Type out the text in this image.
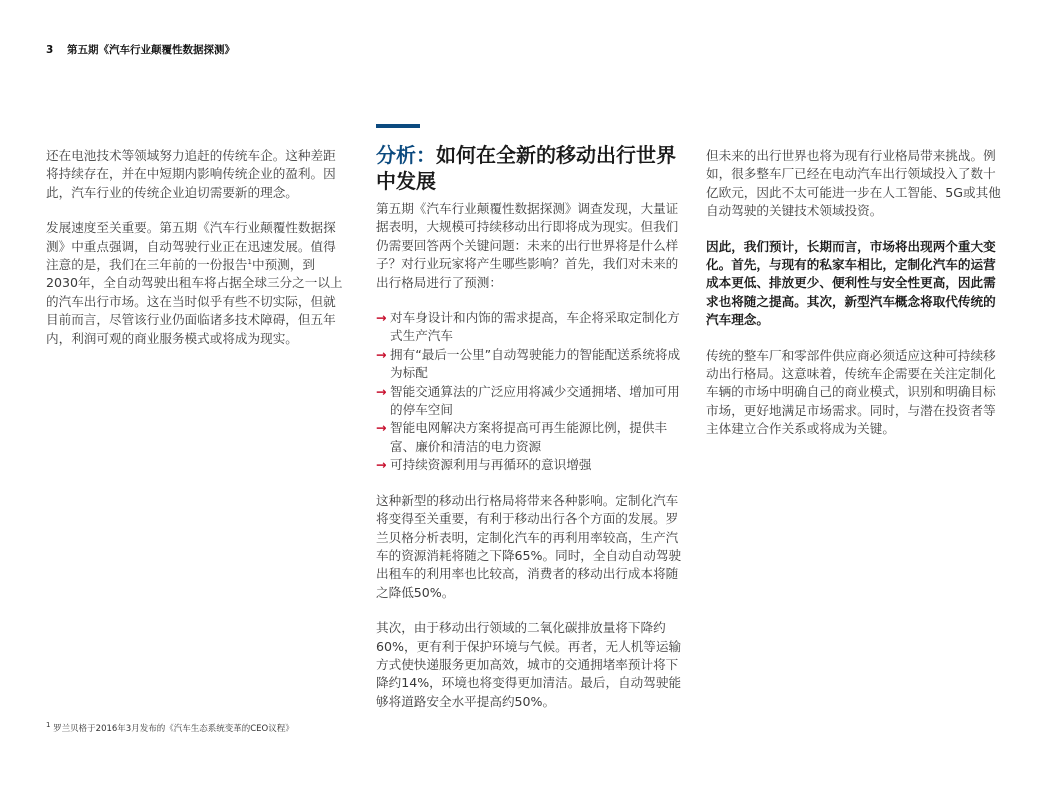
3 第五期《汽车行业颠覆性数据探测》

还在电池技术等领域努力追赶的传统车企。这种差距将持续存在，并在中短期内影响传统企业的盈利。因此，汽车行业的传统企业迫切需要新的理念。

发展速度至关重要。第五期《汽车行业颠覆性数据探测》中重点强调，自动驾驶行业正在迅速发展。值得注意的是，我们在三年前的一份报告$^1$中预测，到2030年，全自动驾驶出租车将占据全球三分之一以上的汽车出行市场。这在当时似乎有些不切实际，但就目前而言，尽管该行业仍面临诸多技术障碍，但五年内，利润可观的商业服务模式或将成为现实。

分析：如何在全新的移动出行世界中发展

第五期《汽车行业颠覆性数据探测》调查发现，大量证据表明，大规模可持续移动出行即将成为现实。但我们仍需要回答两个关键问题：未来的出行世界将是什么样子？对行业玩家将产生哪些影响？首先，我们对未来的出行格局进行了预测：

→ 对车身设计和内饰的需求提高，车企将采取定制化方式生产汽车
→ 拥有“最后一公里”自动驾驶能力的智能配送系统将成为标配
→ 智能交通算法的广泛应用将减少交通拥堵、增加可用的停车空间
→ 智能电网解决方案将提高可再生能源比例，提供丰富、廉价和清洁的电力资源
→ 可持续资源利用与再循环的意识增强

这种新型的移动出行格局将带来各种影响。定制化汽车将变得至关重要，有利于移动出行各个方面的发展。罗兰贝格分析表明，定制化汽车的再利用率较高，生产汽车的资源消耗将随之下降65%。同时，全自动自动驾驶出租车的利用率也比较高，消费者的移动出行成本将随之降低50%。

其次，由于移动出行领域的二氧化碳排放量将下降约60%，更有利于保护环境与气候。再者，无人机等运输方式使快递服务更加高效，城市的交通拥堵率预计将下降约14%，环境也将变得更加清洁。最后，自动驾驶能够将道路安全水平提高约50%。

但未来的出行世界也将为现有行业格局带来挑战。例如，很多整车厂已经在电动汽车出行领域投入了数十亿欧元，因此不太可能进一步在人工智能、5G或其他自动驾驶的关键技术领域投资。

因此，我们预计，长期而言，市场将出现两个重大变化。首先，与现有的私家车相比，定制化汽车的运营成本更低、排放更少、便利性与安全性更高，因此需求也将随之提高。其次，新型汽车概念将取代传统的汽车理念。

传统的整车厂和零部件供应商必须适应这种可持续移动出行格局。这意味着，传统车企需要在关注定制化车辆的市场中明确自己的商业模式，识别和明确目标市场，更好地满足市场需求。同时，与潜在投资者等主体建立合作关系或将成为关键。

$^1$ 罗兰贝格于2016年3月发布的《汽车生态系统变革的CEO议程》
